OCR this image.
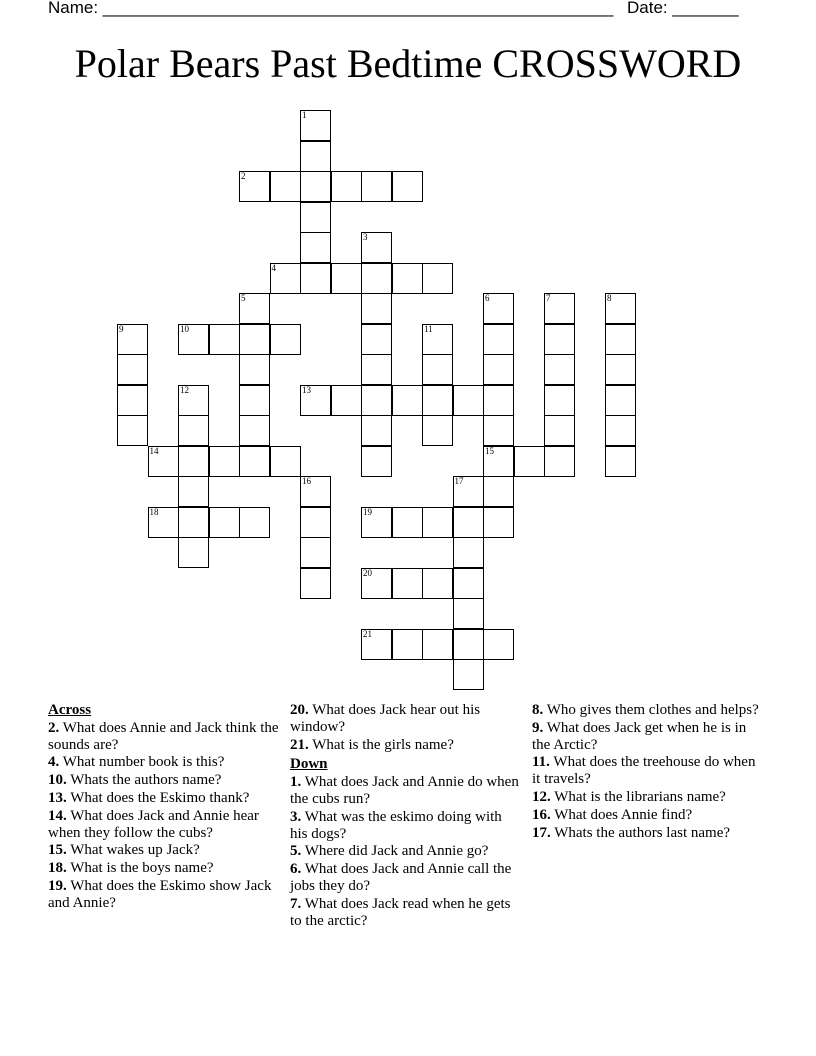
Name: ______________________________________________________ Date: _______
Polar Bears Past Bedtime CROSSWORD
1
2
3
4
5	6
15
7	8
9	10	11
12	13
14
16	17
18	19
20
21
Across
2. What does Annie and Jack think the sounds are?
4. What number book is this?
10. Whats the authors name?
13. What does the Eskimo thank?
14. What does Jack and Annie hear when they follow the cubs?
15. What wakes up Jack?
18. What is the boys name?
19. What does the Eskimo show Jack and Annie?
20. What does Jack hear out his window?
21. What is the girls name?
Down
1. What does Jack and Annie do when the cubs run?
3. What was the eskimo doing with his dogs?
5. Where did Jack and Annie go?
6. What does Jack and Annie call the jobs they do?
7. What does Jack read when he gets to the arctic?
8. Who gives them clothes and helps?
9. What does Jack get when he is in the Arctic?
11. What does the treehouse do when it travels?
12. What is the librarians name?
16. What does Annie find?
17. Whats the authors last name?
